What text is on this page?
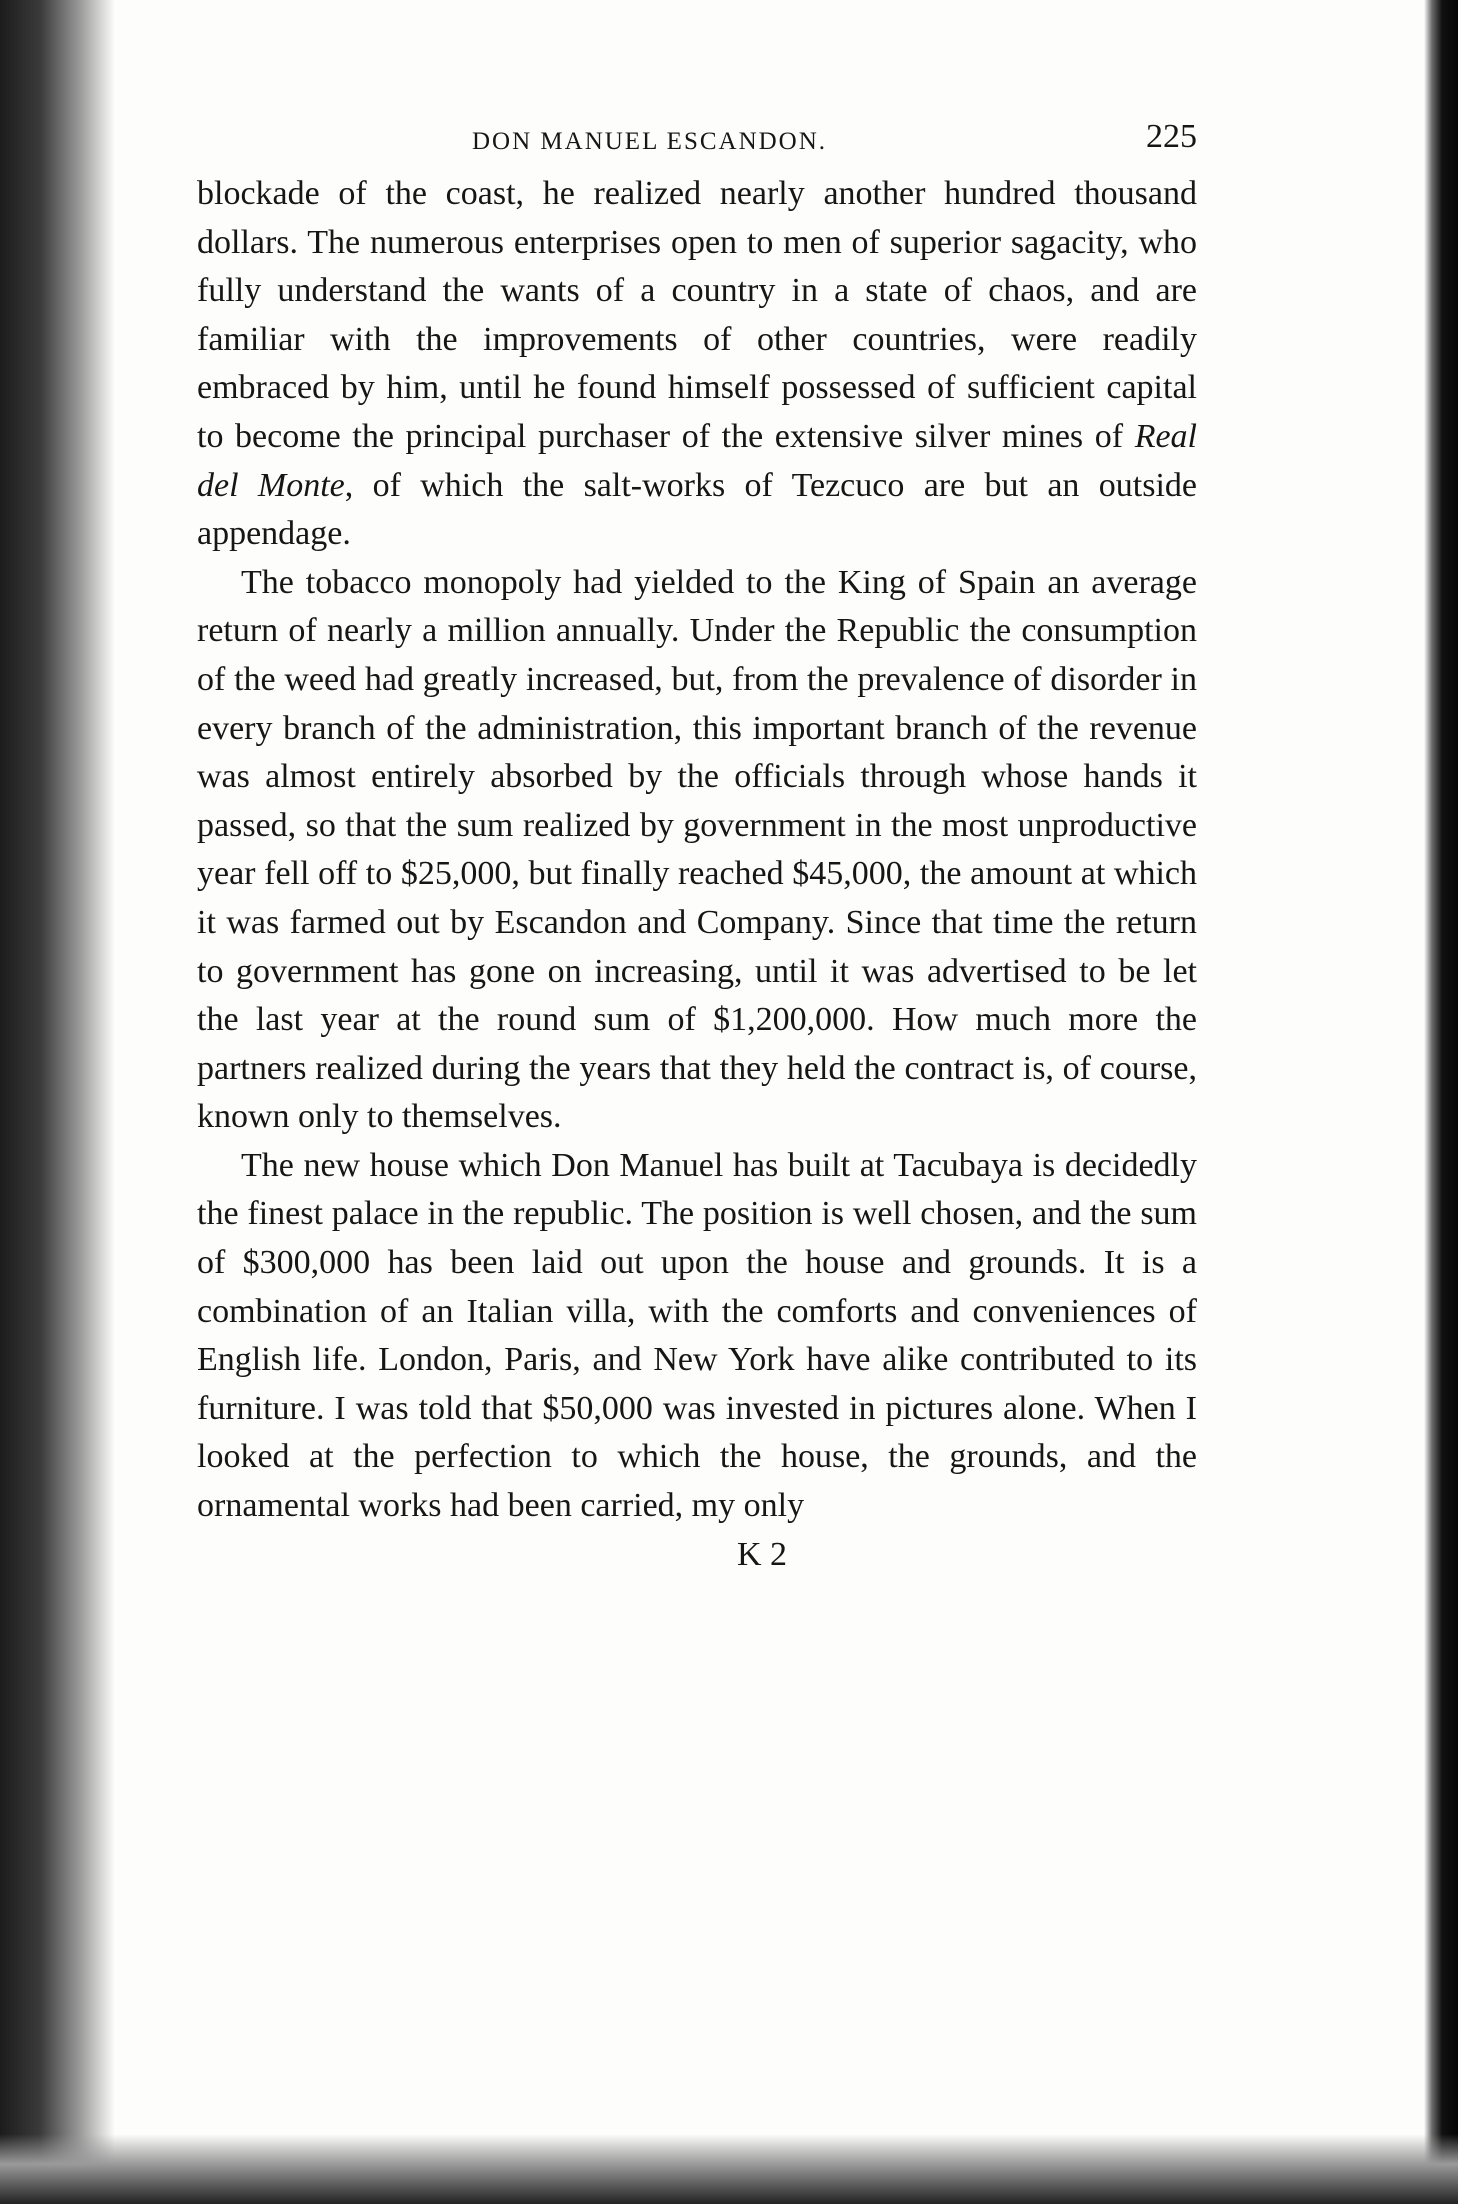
DON MANUEL ESCANDON.	225

blockade of the coast, he realized nearly another hundred thousand dollars. The numerous enterprises open to men of superior sagacity, who fully understand the wants of a country in a state of chaos, and are familiar with the improvements of other countries, were readily embraced by him, until he found himself possessed of sufficient capital to become the principal purchaser of the extensive silver mines of Real del Monte, of which the salt-works of Tezcuco are but an outside appendage.

The tobacco monopoly had yielded to the King of Spain an average return of nearly a million annually. Under the Republic the consumption of the weed had greatly increased, but, from the prevalence of disorder in every branch of the administration, this important branch of the revenue was almost entirely absorbed by the officials through whose hands it passed, so that the sum realized by government in the most unproductive year fell off to $25,000, but finally reached $45,000, the amount at which it was farmed out by Escandon and Company. Since that time the return to government has gone on increasing, until it was advertised to be let the last year at the round sum of $1,200,000. How much more the partners realized during the years that they held the contract is, of course, known only to themselves.

The new house which Don Manuel has built at Tacubaya is decidedly the finest palace in the republic. The position is well chosen, and the sum of $300,000 has been laid out upon the house and grounds. It is a combination of an Italian villa, with the comforts and conveniences of English life. London, Paris, and New York have alike contributed to its furniture. I was told that $50,000 was invested in pictures alone. When I looked at the perfection to which the house, the grounds, and the ornamental works had been carried, my only

K 2
